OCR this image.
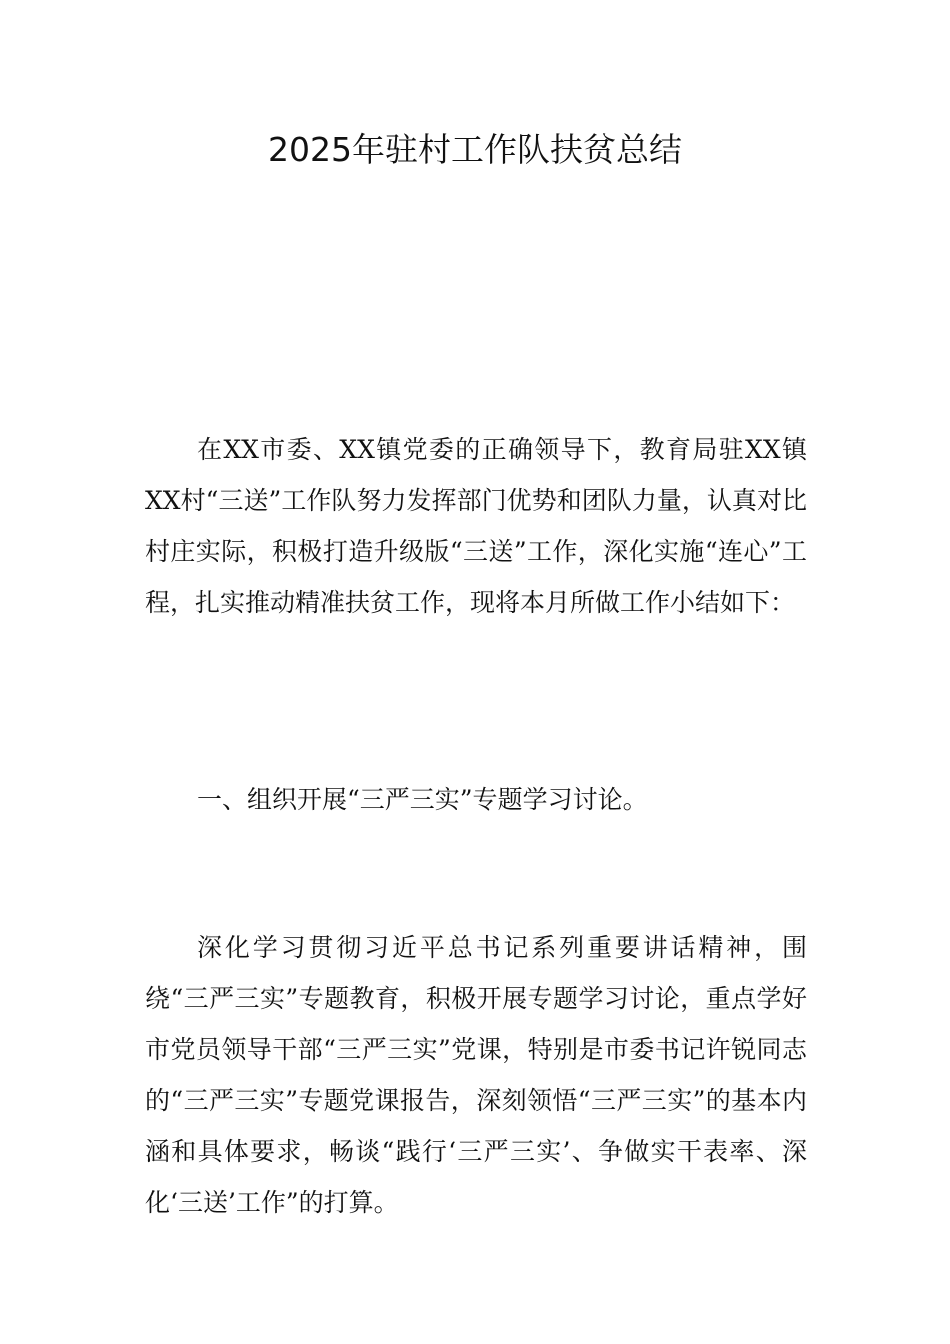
2025年驻村工作队扶贫总结

在XX市委、XX镇党委的正确领导下，教育局驻XX镇XX村“三送”工作队努力发挥部门优势和团队力量，认真对比村庄实际，积极打造升级版“三送”工作，深化实施“连心”工程，扎实推动精准扶贫工作，现将本月所做工作小结如下：

一、组织开展“三严三实”专题学习讨论。

深化学习贯彻习近平总书记系列重要讲话精神，围绕“三严三实”专题教育，积极开展专题学习讨论，重点学好市党员领导干部“三严三实”党课，特别是市委书记许锐同志的“三严三实”专题党课报告，深刻领悟“三严三实”的基本内涵和具体要求，畅谈“践行‘三严三实’、争做实干表率、深化‘三送’工作”的打算。
